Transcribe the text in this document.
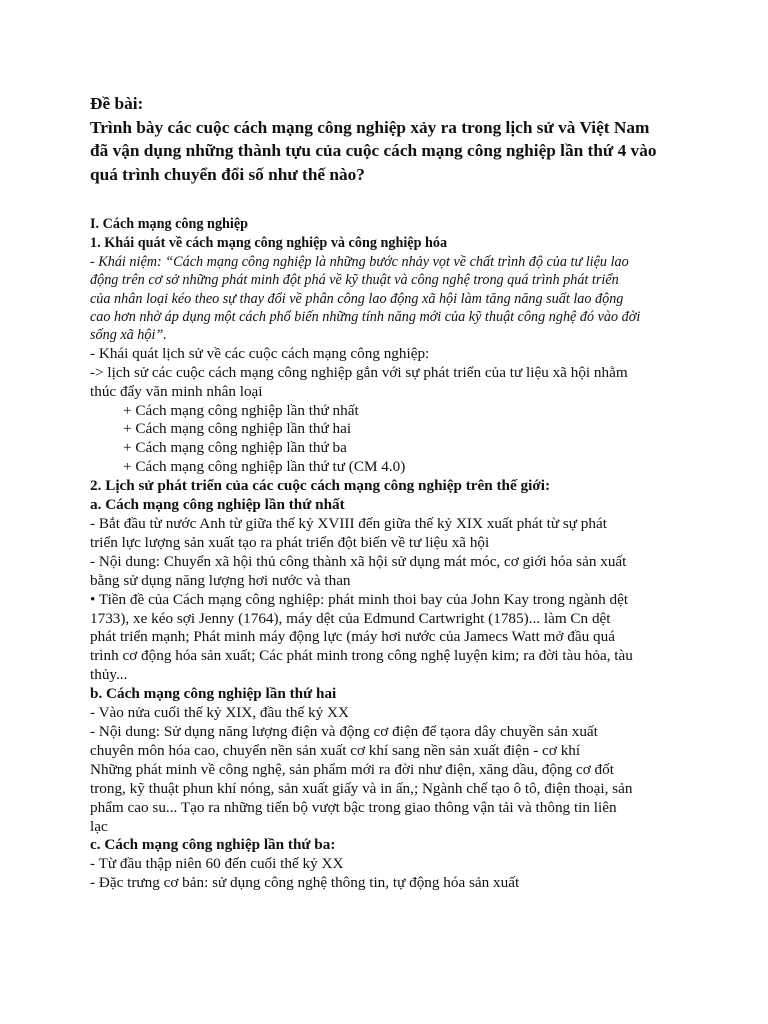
Đề bài:
Trình bày các cuộc cách mạng công nghiệp xảy ra trong lịch sử và Việt Nam
đã vận dụng những thành tựu của cuộc cách mạng công nghiệp lần thứ 4 vào
quá trình chuyển đổi số như thế nào?
I. Cách mạng công nghiệp
1. Khái quát về cách mạng công nghiệp và công nghiệp hóa
- Khái niệm: “Cách mạng công nghiệp là những bước nhảy vọt về chất trình độ của tư liệu lao
động trên cơ sở những phát minh đột phá về kỹ thuật và công nghệ trong quá trình phát triển
của nhân loại kéo theo sự thay đổi về phân công lao động xã hội làm tăng năng suất lao động
cao hơn nhờ áp dụng một cách phổ biến những tính năng mới của kỹ thuật công nghệ đó vào đời
sống xã hội”.
- Khái quát lịch sử về các cuộc cách mạng công nghiệp:
-> lịch sử các cuộc cách mạng công nghiệp gắn với sự phát triển của tư liệu xã hội nhằm
thúc đẩy văn minh nhân loại
+ Cách mạng công nghiệp lần thứ nhất
+ Cách mạng công nghiệp lần thứ hai
+ Cách mạng công nghiệp lần thứ ba
+ Cách mạng công nghiệp lần thứ tư (CM 4.0)
2. Lịch sử phát triển của các cuộc cách mạng công nghiệp trên thế giới:
a. Cách mạng công nghiệp lần thứ nhất
- Bắt đầu từ nước Anh từ giữa thế kỷ XVIII đến giữa thế kỷ XIX xuất phát từ sự phát
triển lực lượng sản xuất tạo ra phát triển đột biến về tư liệu xã hội
- Nội dung: Chuyển xã hội thủ công thành xã hội sử dụng mát móc, cơ giới hóa sản xuất
bằng sử dụng năng lượng hơi nước và than
• Tiền đề của Cách mạng công nghiệp: phát minh thoi bay của John Kay trong ngành dệt
1733), xe kéo sợi Jenny (1764), máy dệt của Edmund Cartwright (1785)... làm Cn dệt
phát triển mạnh; Phát minh máy động lực (máy hơi nước của Jamecs Watt mở đầu quá
trình cơ động hóa sản xuất; Các phát minh trong công nghệ luyện kim; ra đời tàu hỏa, tàu
thủy...
b. Cách mạng công nghiệp lần thứ hai
- Vào nửa cuối thế kỷ XIX, đầu thế kỷ XX
- Nội dung: Sử dụng năng lượng điện và động cơ điện để tạora dây chuyền sản xuất
chuyên môn hóa cao, chuyển nền sản xuất cơ khí sang nền sản xuất điện - cơ khí
Những phát minh về công nghệ, sản phẩm mới ra đời như điện, xăng dầu, động cơ đốt
trong, kỹ thuật phun khí nóng, sản xuất giấy và in ấn,; Ngành chế tạo ô tô, điện thoại, sản
phẩm cao su... Tạo ra những tiến bộ vượt bậc trong giao thông vận tải và thông tin liên
lạc
c. Cách mạng công nghiệp lần thứ ba:
- Từ đầu thập niên 60 đến cuối thế kỷ XX
- Đặc trưng cơ bản: sử dụng công nghệ thông tin, tự động hóa sản xuất
